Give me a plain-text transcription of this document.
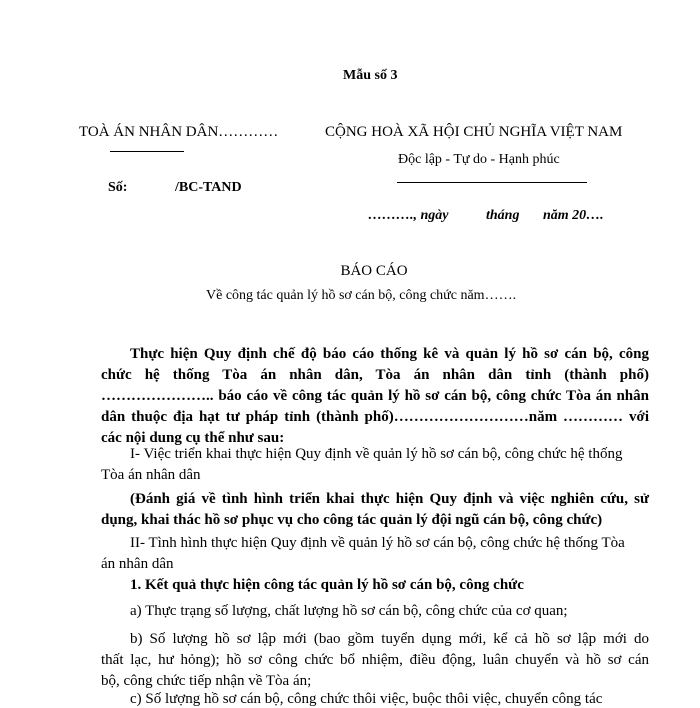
Mẫu số 3
TOÀ ÁN NHÂN DÂN…………
Số:	/BC-TAND
CỘNG HOÀ XÃ HỘI CHỦ NGHĨA VIỆT NAM
Độc lập - Tự do - Hạnh phúc
………., ngày	tháng năm 20….
BÁO CÁO
Về công tác quản lý hồ sơ cán bộ, công chức năm…….
Thực hiện Quy định chế độ báo cáo thống kê và quản lý hồ sơ cán bộ, công
chức hệ thống Tòa án nhân dân, Tòa án nhân dân tỉnh (thành phố)
………………….. báo cáo về công tác quản lý hồ sơ cán bộ, công chức Tòa án nhân
dân thuộc địa hạt tư pháp tỉnh (thành phố)………………………năm ………… với
các nội dung cụ thể như sau:
I- Việc triển khai thực hiện Quy định về quản lý hồ sơ cán bộ, công chức hệ thống
Tòa án nhân dân
(Đánh giá về tình hình triển khai thực hiện Quy định và việc nghiên cứu, sử
dụng, khai thác hồ sơ phục vụ cho công tác quản lý đội ngũ cán bộ, công chức)
II- Tình hình thực hiện Quy định về quản lý hồ sơ cán bộ, công chức hệ thống Tòa
án nhân dân
1. Kết quả thực hiện công tác quản lý hồ sơ cán bộ, công chức
a) Thực trạng số lượng, chất lượng hồ sơ cán bộ, công chức của cơ quan;
b) Số lượng hồ sơ lập mới (bao gồm tuyển dụng mới, kể cả hồ sơ lập mới do
thất lạc, hư hỏng); hồ sơ công chức bổ nhiệm, điều động, luân chuyển và hồ sơ cán
bộ, công chức tiếp nhận về Tòa án;
c) Số lượng hồ sơ cán bộ, công chức thôi việc, buộc thôi việc, chuyển công tác
